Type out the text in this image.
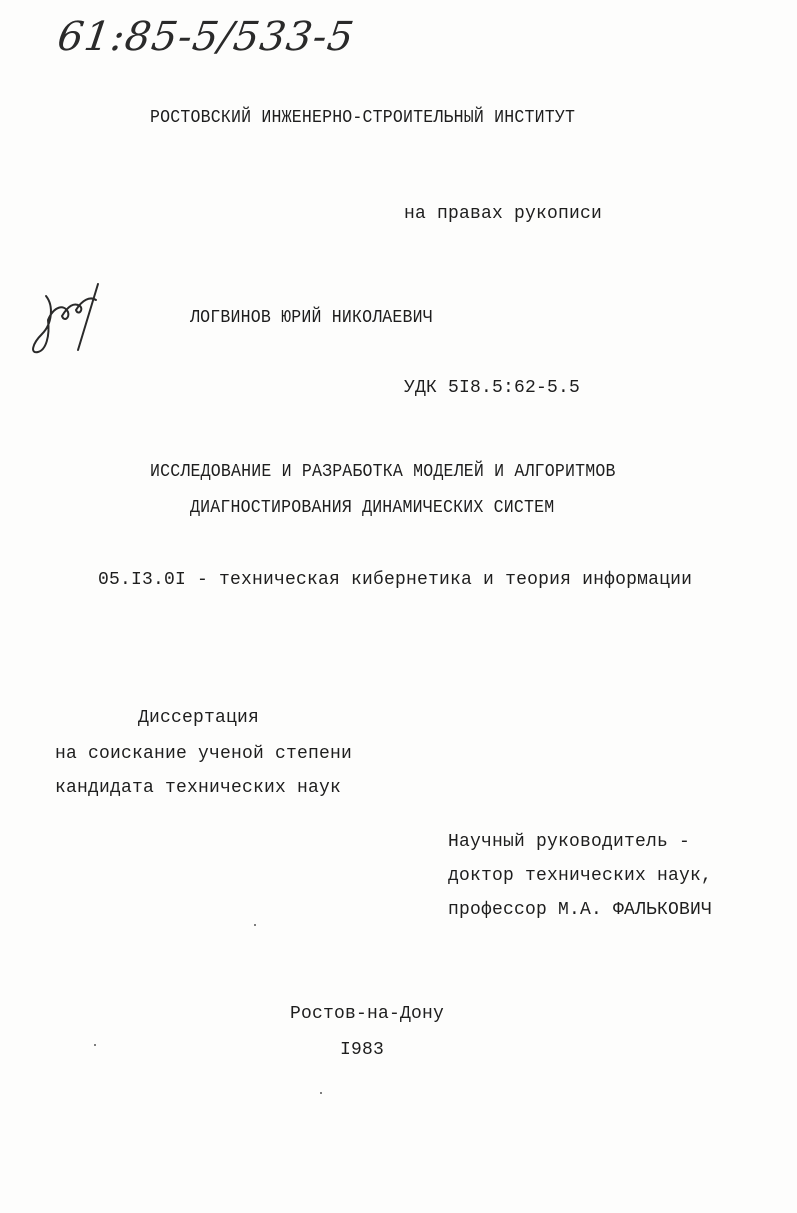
61:85-5/533-5
РОСТОВСКИЙ ИНЖЕНЕРНО-СТРОИТЕЛЬНЫЙ ИНСТИТУТ
на правах рукописи
ЛОГВИНОВ ЮРИЙ НИКОЛАЕВИЧ
УДК 5I8.5:62-5.5
ИССЛЕДОВАНИЕ И РАЗРАБОТКА МОДЕЛЕЙ И АЛГОРИТМОВ
ДИАГНОСТИРОВАНИЯ ДИНАМИЧЕСКИХ СИСТЕМ
05.I3.0I - техническая кибернетика и теория информации
Диссертация
на соискание ученой степени
кандидата технических наук
Научный руководитель -
доктор технических наук,
профессор М.А. ФАЛЬКОВИЧ
Ростов-на-Дону
I983
